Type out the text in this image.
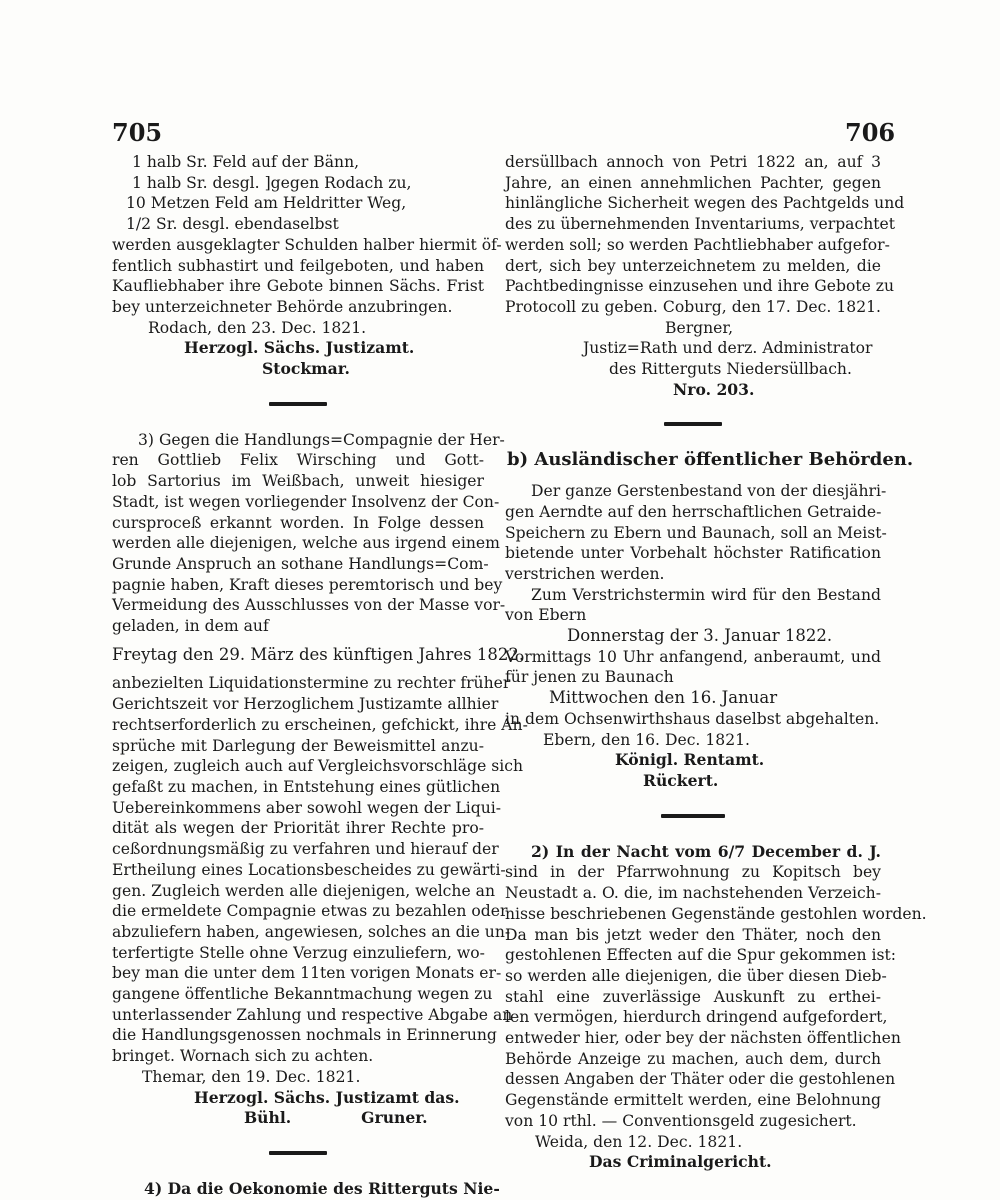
705	706
1 halb Sr. Feld auf der Bänn,
1 halb Sr. desgl. ]gegen Rodach zu,
10 Metzen Feld am Heldritter Weg,
1/2 Sr. desgl. ebendaselbst
werden ausgeklagter Schulden halber hiermit öf-
fentlich subhastirt und feilgeboten, und haben
Kaufliebhaber ihre Gebote binnen Sächs. Frist
bey unterzeichneter Behörde anzubringen.
Rodach, den 23. Dec. 1821.
Herzogl. Sächs. Justizamt.
Stockmar.
3) Gegen die Handlungs=Compagnie der Her-
ren Gottlieb Felix Wirsching und Gott-
lob Sartorius im Weißbach, unweit hiesiger
Stadt, ist wegen vorliegender Insolvenz der Con-
cursproceß erkannt worden. In Folge dessen
werden alle diejenigen, welche aus irgend einem
Grunde Anspruch an sothane Handlungs=Com-
pagnie haben, Kraft dieses peremtorisch und bey
Vermeidung des Ausschlusses von der Masse vor-
geladen, in dem auf
Freytag den 29. März des künftigen Jahres 1822.
anbezielten Liquidationstermine zu rechter früher
Gerichtszeit vor Herzoglichem Justizamte allhier
rechtserforderlich zu erscheinen, gefchickt, ihre An-
sprüche mit Darlegung der Beweismittel anzu-
zeigen, zugleich auch auf Vergleichsvorschläge sich
gefaßt zu machen, in Entstehung eines gütlichen
Uebereinkommens aber sowohl wegen der Liqui-
dität als wegen der Priorität ihrer Rechte pro-
ceßordnungsmäßig zu verfahren und hierauf der
Ertheilung eines Locationsbescheides zu gewärti-
gen. Zugleich werden alle diejenigen, welche an
die ermeldete Compagnie etwas zu bezahlen oder
abzuliefern haben, angewiesen, solches an die un-
terfertigte Stelle ohne Verzug einzuliefern, wo-
bey man die unter dem 11ten vorigen Monats er-
gangene öffentliche Bekanntmachung wegen zu
unterlassender Zahlung und respective Abgabe an
die Handlungsgenossen nochmals in Erinnerung
bringet. Wornach sich zu achten.
Themar, den 19. Dec. 1821.
Herzogl. Sächs. Justizamt das.
Bühl.	Gruner.
4) Da die Oekonomie des Ritterguts Nie-
dersüllbach annoch von Petri 1822 an, auf 3
Jahre, an einen annehmlichen Pachter, gegen
hinlängliche Sicherheit wegen des Pachtgelds und
des zu übernehmenden Inventariums, verpachtet
werden soll; so werden Pachtliebhaber aufgefor-
dert, sich bey unterzeichnetem zu melden, die
Pachtbedingnisse einzusehen und ihre Gebote zu
Protocoll zu geben. Coburg, den 17. Dec. 1821.
Bergner,
Justiz=Rath und derz. Administrator
des Ritterguts Niedersüllbach.
Nro. 203.
b) Ausländischer öffentlicher Behörden.
Der ganze Gerstenbestand von der diesjähri-
gen Aerndte auf den herrschaftlichen Getraide-
Speichern zu Ebern und Baunach, soll an Meist-
bietende unter Vorbehalt höchster Ratification
verstrichen werden.
Zum Verstrichstermin wird für den Bestand
von Ebern
Donnerstag der 3. Januar 1822.
Vormittags 10 Uhr anfangend, anberaumt, und
für jenen zu Baunach
Mittwochen den 16. Januar
in dem Ochsenwirthshaus daselbst abgehalten.
Ebern, den 16. Dec. 1821.
Königl. Rentamt.
Rückert.
2) In der Nacht vom 6/7 December d. J.
sind in der Pfarrwohnung zu Kopitsch bey
Neustadt a. O. die, im nachstehenden Verzeich-
nisse beschriebenen Gegenstände gestohlen worden.
Da man bis jetzt weder den Thäter, noch den
gestohlenen Effecten auf die Spur gekommen ist:
so werden alle diejenigen, die über diesen Dieb-
stahl eine zuverlässige Auskunft zu erthei-
len vermögen, hierdurch dringend aufgefordert,
entweder hier, oder bey der nächsten öffentlichen
Behörde Anzeige zu machen, auch dem, durch
dessen Angaben der Thäter oder die gestohlenen
Gegenstände ermittelt werden, eine Belohnung
von 10 rthl. — Conventionsgeld zugesichert.
Weida, den 12. Dec. 1821.
Das Criminalgericht.
